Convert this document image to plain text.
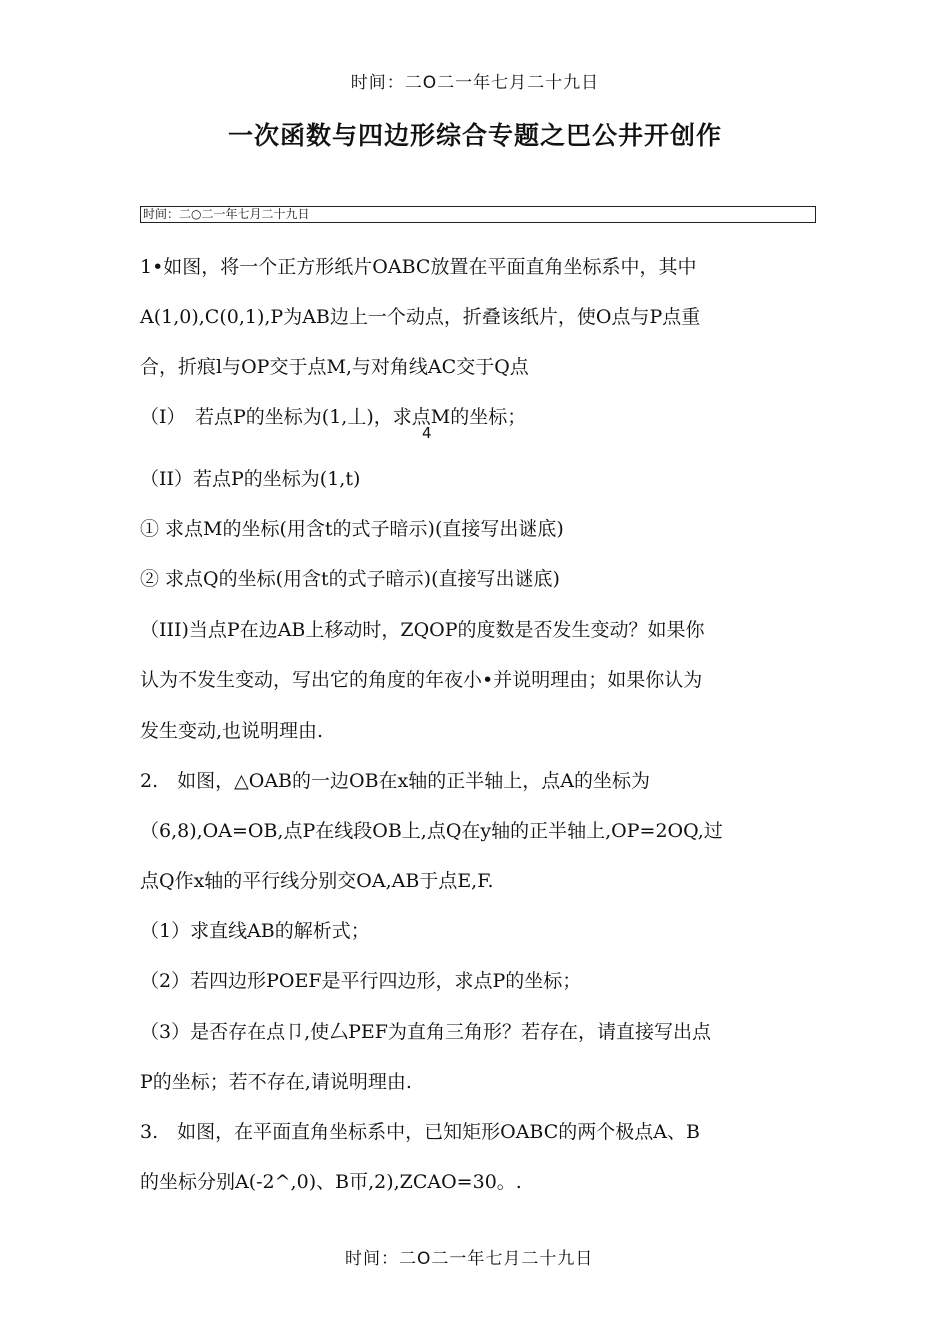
时间：二O二一年七月二十九日
一次函数与四边形综合专题之巴公井开创作
时间：二○二一年七月二十九日
1•如图，将一个正方形纸片OABC放置在平面直角坐标系中，其中
A(1,0),C(0,1),P为AB边上一个动点，折叠该纸片，使O点与P点重
合，折痕l与OP交于点M,与对角线AC交于Q点
（I）　若点P的坐标为(1,丄)，求点M的坐标；
（II）若点P的坐标为(1,t)
① 求点M的坐标(用含t的式子暗示)(直接写出谜底)
② 求点Q的坐标(用含t的式子暗示)(直接写出谜底)
（III)当点P在边AB上移动时，ZQOP的度数是否发生变动？如果你
认为不发生变动，写出它的角度的年夜小•并说明理由；如果你认为
发生变动,也说明理由.
2.　如图，△OAB的一边OB在x轴的正半轴上，点A的坐标为
（6,8),OA=OB,点P在线段OB上,点Q在y轴的正半轴上,OP=2OQ,过
点Q作x轴的平行线分别交OA,AB于点E,F.
（1）求直线AB的解析式；
（2）若四边形POEF是平行四边形，求点P的坐标；
（3）是否存在点卩,使厶PEF为直角三角形？若存在，请直接写出点
P的坐标；若不存在,请说明理由.
3.　如图，在平面直角坐标系中，已知矩形OABC的两个极点A、B
的坐标分别A(-2^,0)、B帀,2),ZCAO=30。.
4
时间：二O二一年七月二十九日
